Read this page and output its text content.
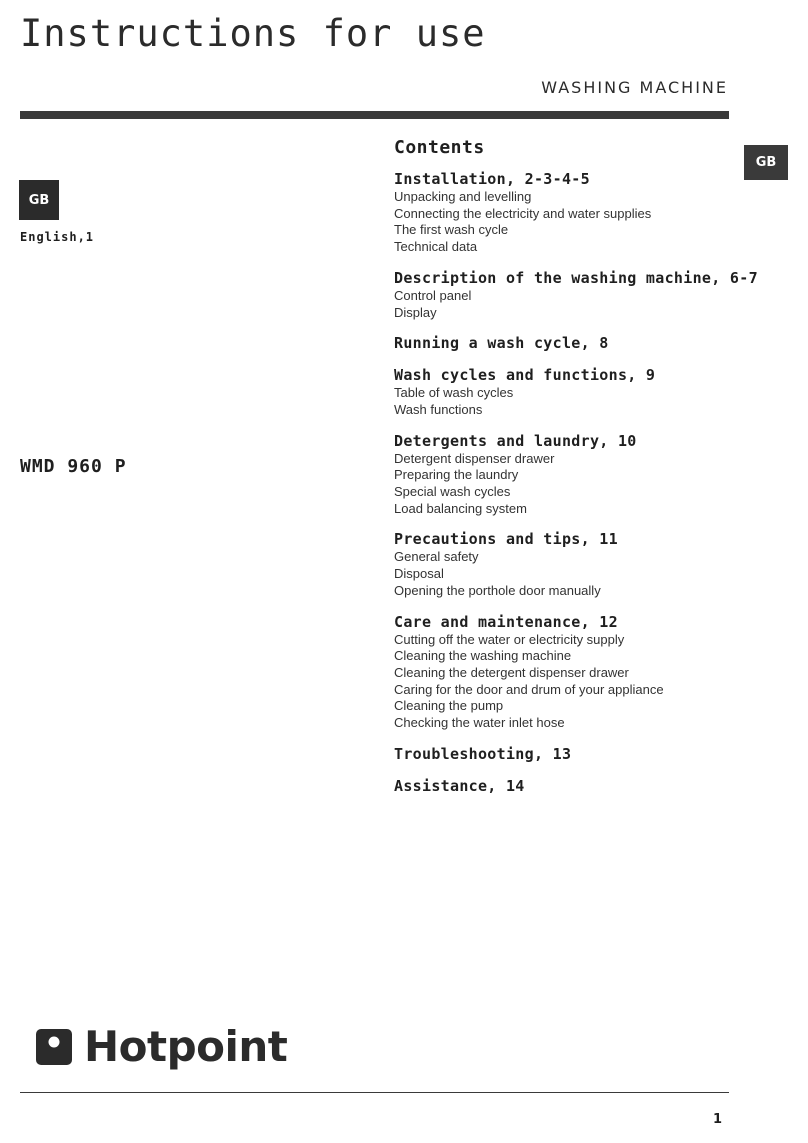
Instructions for use
WASHING MACHINE
GB
English,1
GB
WMD 960 P
Contents
Installation, 2-3-4-5
Unpacking and levelling
Connecting the electricity and water supplies
The first wash cycle
Technical data
Description of the washing machine, 6-7
Control panel
Display
Running a wash cycle, 8
Wash cycles and functions, 9
Table of wash cycles
Wash functions
Detergents and laundry, 10
Detergent dispenser drawer
Preparing the laundry
Special wash cycles
Load balancing system
Precautions and tips, 11
General safety
Disposal
Opening the porthole door manually
Care and maintenance, 12
Cutting off the water or electricity supply
Cleaning the washing machine
Cleaning the detergent dispenser drawer
Caring for the door and drum of your appliance
Cleaning the pump
Checking the water inlet hose
Troubleshooting, 13
Assistance, 14
Hotpoint
1
